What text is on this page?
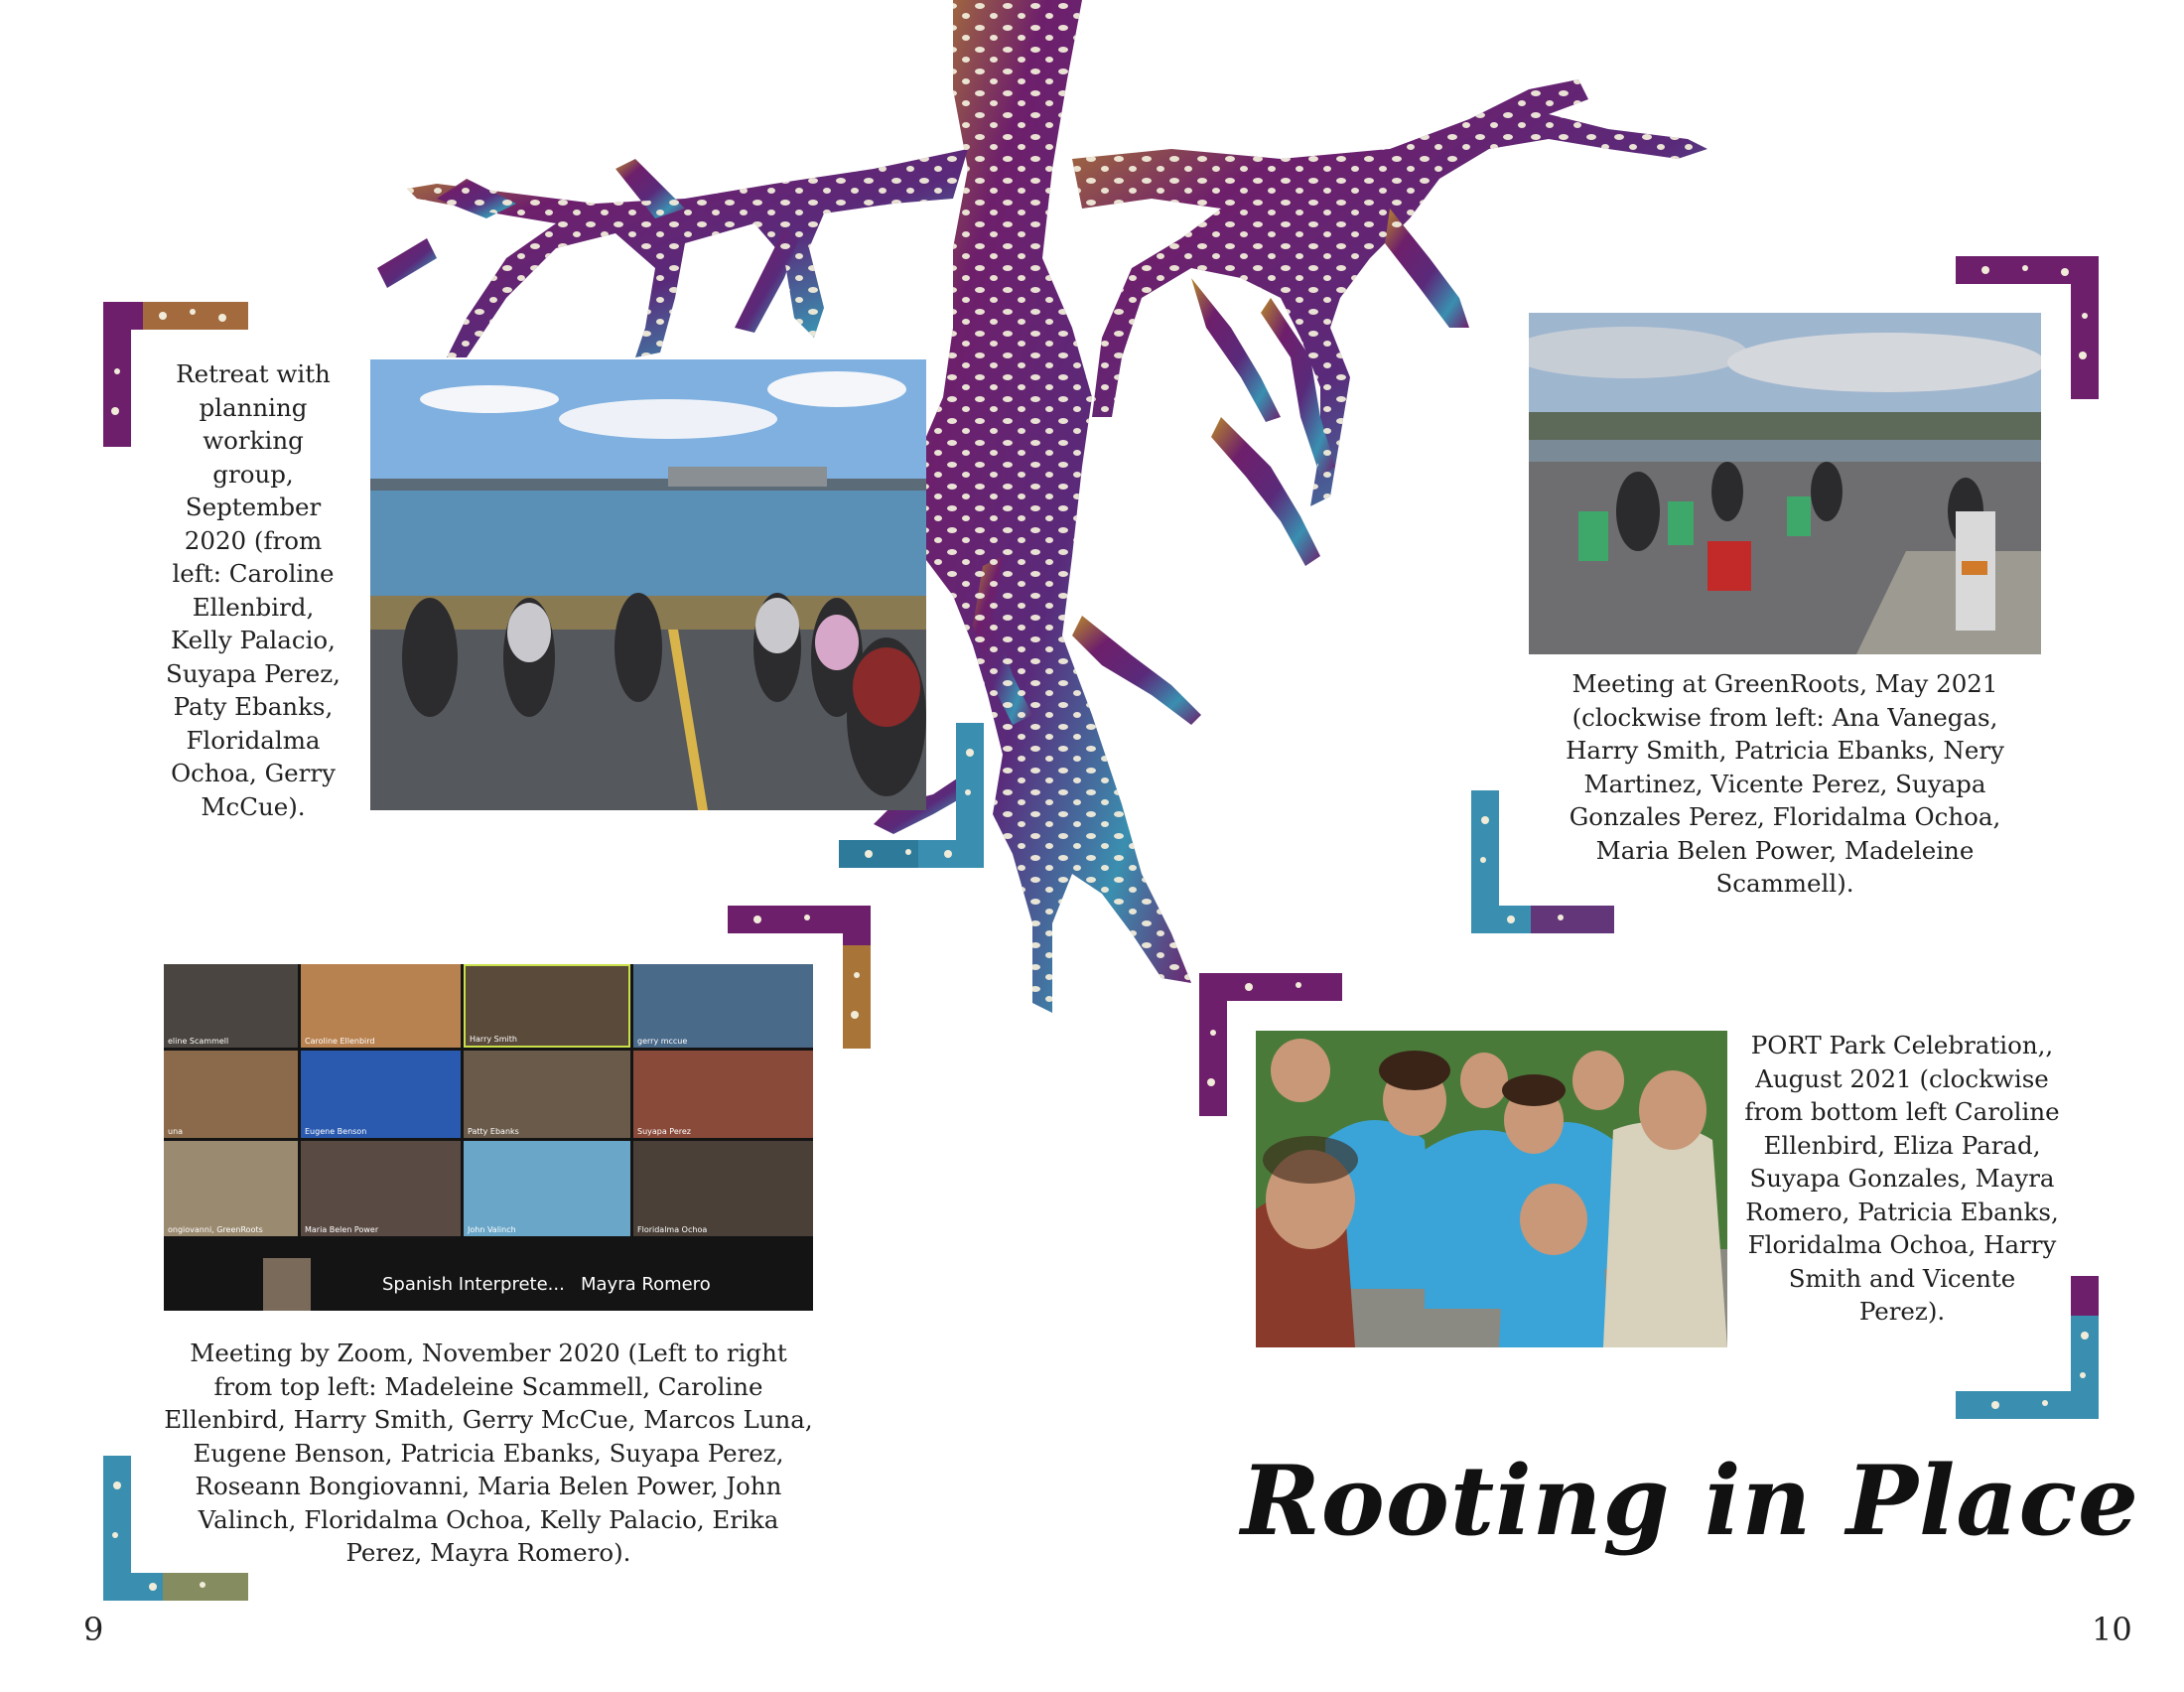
eline Scammell	Caroline Ellenbird	Harry Smith	gerry mccue
una	Eugene Benson	Patty Ebanks	Suyapa Perez
ongiovanni, GreenRoots	Maria Belen Power	John Valinch	Floridalma Ochoa
Spanish Interprete... Mayra Romero

Retreat with planning working group, September 2020 (from left: Caroline Ellenbird, Kelly Palacio, Suyapa Perez, Paty Ebanks, Floridalma Ochoa, Gerry McCue).

Meeting at GreenRoots, May 2021 (clockwise from left: Ana Vanegas, Harry Smith, Patricia Ebanks, Nery Martinez, Vicente Perez, Suyapa Gonzales Perez, Floridalma Ochoa, Maria Belen Power, Madeleine Scammell).

Meeting by Zoom, November 2020 (Left to right from top left: Madeleine Scammell, Caroline Ellenbird, Harry Smith, Gerry McCue, Marcos Luna, Eugene Benson, Patricia Ebanks, Suyapa Perez, Roseann Bongiovanni, Maria Belen Power, John Valinch, Floridalma Ochoa, Kelly Palacio, Erika Perez, Mayra Romero).

PORT Park Celebration,, August 2021 (clockwise from bottom left Caroline Ellenbird, Eliza Parad, Suyapa Gonzales, Mayra Romero, Patricia Ebanks, Floridalma Ochoa, Harry Smith and Vicente Perez).

Rooting in Place
9	10
